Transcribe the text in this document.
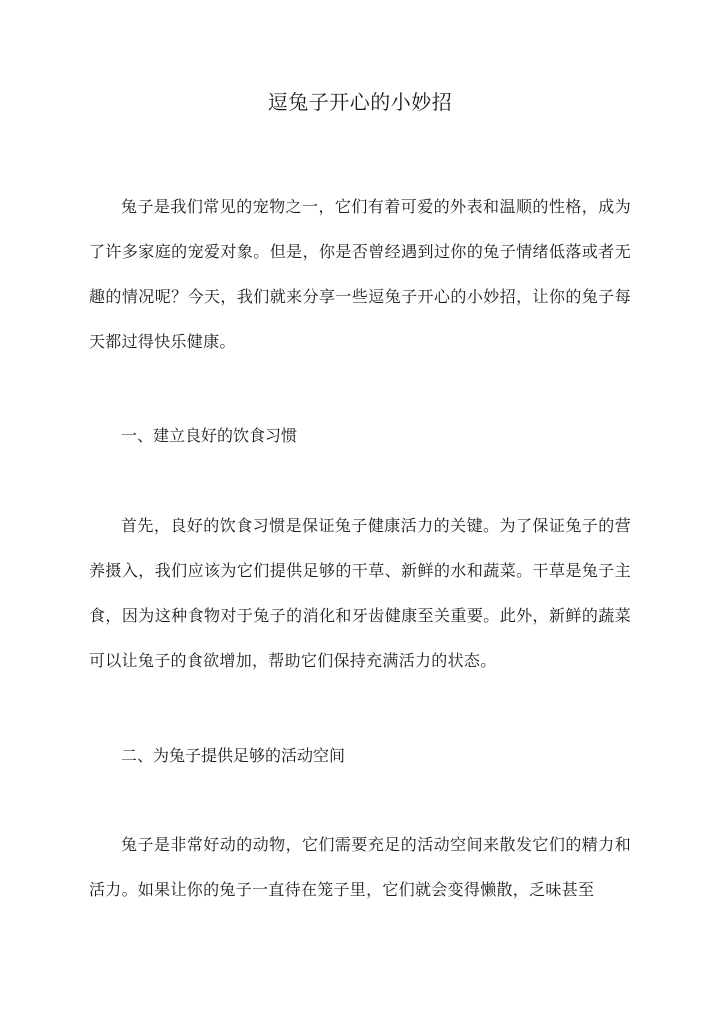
逗兔子开心的小妙招

兔子是我们常见的宠物之一，它们有着可爱的外表和温顺的性格，成为了许多家庭的宠爱对象。但是，你是否曾经遇到过你的兔子情绪低落或者无趣的情况呢？今天，我们就来分享一些逗兔子开心的小妙招，让你的兔子每天都过得快乐健康。

一、建立良好的饮食习惯

首先，良好的饮食习惯是保证兔子健康活力的关键。为了保证兔子的营养摄入，我们应该为它们提供足够的干草、新鲜的水和蔬菜。干草是兔子主食，因为这种食物对于兔子的消化和牙齿健康至关重要。此外，新鲜的蔬菜可以让兔子的食欲增加，帮助它们保持充满活力的状态。

二、为兔子提供足够的活动空间

兔子是非常好动的动物，它们需要充足的活动空间来散发它们的精力和活力。如果让你的兔子一直待在笼子里，它们就会变得懒散，乏味甚至
